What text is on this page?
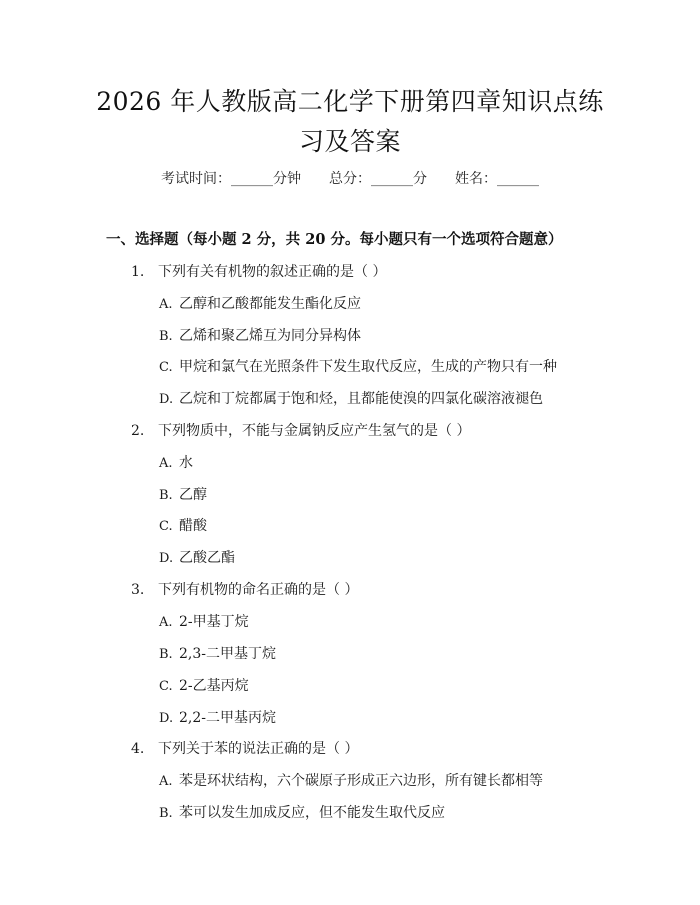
2026 年人教版高二化学下册第四章知识点练
习及答案
考试时间：______分钟 总分：______分 姓名：______
一、选择题（每小题 2 分，共 20 分。每小题只有一个选项符合题意）
1. 下列有关有机物的叙述正确的是（ ）
A. 乙醇和乙酸都能发生酯化反应
B. 乙烯和聚乙烯互为同分异构体
C. 甲烷和氯气在光照条件下发生取代反应，生成的产物只有一种
D. 乙烷和丁烷都属于饱和烃，且都能使溴的四氯化碳溶液褪色
2. 下列物质中，不能与金属钠反应产生氢气的是（ ）
A. 水
B. 乙醇
C. 醋酸
D. 乙酸乙酯
3. 下列有机物的命名正确的是（ ）
A. 2-甲基丁烷
B. 2,3-二甲基丁烷
C. 2-乙基丙烷
D. 2,2-二甲基丙烷
4. 下列关于苯的说法正确的是（ ）
A. 苯是环状结构，六个碳原子形成正六边形，所有键长都相等
B. 苯可以发生加成反应，但不能发生取代反应
